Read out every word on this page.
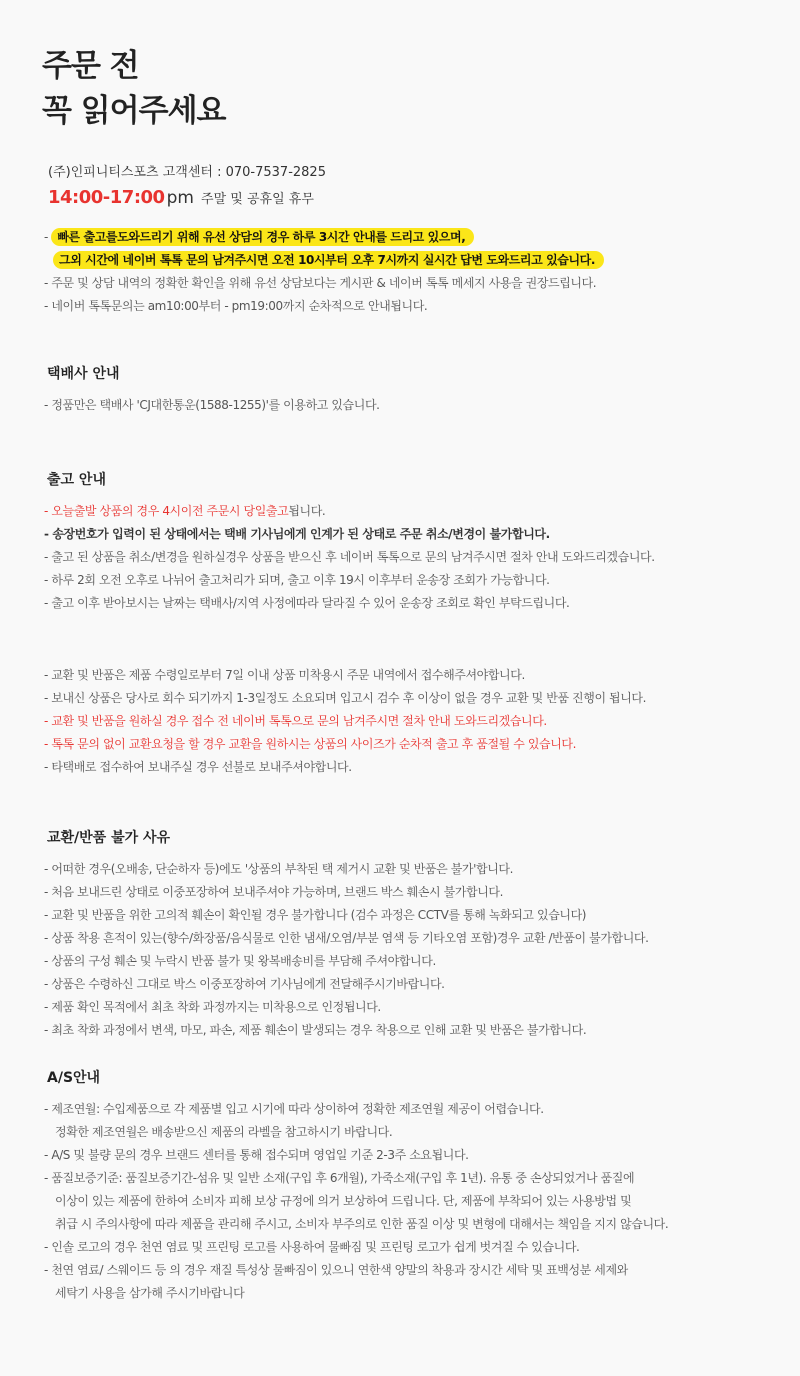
주문 전
꼭 읽어주세요
(주)인피니티스포츠 고객센터 : 070-7537-2825
14:00-17:00 pm 주말 및 공휴일 휴무
- 빠른 출고를도와드리기 위해 유선 상담의 경우 하루 3시간 안내를 드리고 있으며,
그외 시간에 네이버 톡톡 문의 남겨주시면 오전 10시부터 오후 7시까지 실시간 답변 도와드리고 있습니다.
- 주문 및 상담 내역의 정확한 확인을 위해 유선 상담보다는 게시판 & 네이버 톡톡 메세지 사용을 권장드립니다.
- 네이버 톡톡문의는 am10:00부터 - pm19:00까지 순차적으로 안내됩니다.
택배사 안내
- 정품만은 택배사 'CJ대한통운(1588-1255)'를 이용하고 있습니다.
출고 안내
- 오늘출발 상품의 경우 4시이전 주문시 당일출고됩니다.
- 송장번호가 입력이 된 상태에서는 택배 기사님에게 인계가 된 상태로 주문 취소/변경이 불가합니다.
- 출고 된 상품을 취소/변경을 원하실경우 상품을 받으신 후 네이버 톡톡으로 문의 남겨주시면 절차 안내 도와드리겠습니다.
- 하루 2회 오전 오후로 나뉘어 출고처리가 되며, 출고 이후 19시 이후부터 운송장 조회가 가능합니다.
- 출고 이후 받아보시는 날짜는 택배사/지역 사정에따라 달라질 수 있어 운송장 조회로 확인 부탁드립니다.
- 교환 및 반품은 제품 수령일로부터 7일 이내 상품 미착용시 주문 내역에서 접수해주셔야합니다.
- 보내신 상품은 당사로 회수 되기까지 1-3일정도 소요되며 입고시 검수 후 이상이 없을 경우 교환 및 반품 진행이 됩니다.
- 교환 및 반품을 원하실 경우 접수 전 네이버 톡톡으로 문의 남겨주시면 절차 안내 도와드리겠습니다.
- 톡톡 문의 없이 교환요청을 할 경우 교환을 원하시는 상품의 사이즈가 순차적 출고 후 품절될 수 있습니다.
- 타택배로 접수하여 보내주실 경우 선불로 보내주셔야합니다.
교환/반품 불가 사유
- 어떠한 경우(오배송, 단순하자 등)에도 '상품의 부착된 택 제거시 교환 및 반품은 불가'합니다.
- 처음 보내드린 상태로 이중포장하여 보내주셔야 가능하며, 브랜드 박스 훼손시 불가합니다.
- 교환 및 반품을 위한 고의적 훼손이 확인될 경우 불가합니다 (검수 과정은 CCTV를 통해 녹화되고 있습니다)
- 상품 착용 흔적이 있는(향수/화장품/음식물로 인한 냄새/오염/부분 염색 등 기타오염 포함)경우 교환 /반품이 불가합니다.
- 상품의 구성 훼손 및 누락시 반품 불가 및 왕복배송비를 부담해 주셔야합니다.
- 상품은 수령하신 그대로 박스 이중포장하여 기사님에게 전달해주시기바랍니다.
- 제품 확인 목적에서 최초 착화 과정까지는 미착용으로 인정됩니다.
- 최초 착화 과정에서 변색, 마모, 파손, 제품 훼손이 발생되는 경우 착용으로 인해 교환 및 반품은 불가합니다.
A/S안내
- 제조연월: 수입제품으로 각 제품별 입고 시기에 따라 상이하여 정확한 제조연월 제공이 어렵습니다.
정확한 제조연월은 배송받으신 제품의 라벨을 참고하시기 바랍니다.
- A/S 및 불량 문의 경우 브랜드 센터를 통해 접수되며 영업일 기준 2-3주 소요됩니다.
- 품질보증기준: 품질보증기간-섬유 및 일반 소재(구입 후 6개월), 가죽소재(구입 후 1년). 유통 중 손상되었거나 품질에
이상이 있는 제품에 한하여 소비자 피해 보상 규정에 의거 보상하여 드립니다. 단, 제품에 부착되어 있는 사용방법 및
취급 시 주의사항에 따라 제품을 관리해 주시고, 소비자 부주의로 인한 품질 이상 및 변형에 대해서는 책임을 지지 않습니다.
- 인솔 로고의 경우 천연 염료 및 프린팅 로고를 사용하여 물빠짐 및 프린팅 로고가 쉽게 벗겨질 수 있습니다.
- 천연 염료/ 스웨이드 등 의 경우 재질 특성상 물빠짐이 있으니 연한색 양말의 착용과 장시간 세탁 및 표백성분 세제와
세탁기 사용을 삼가해 주시기바랍니다
